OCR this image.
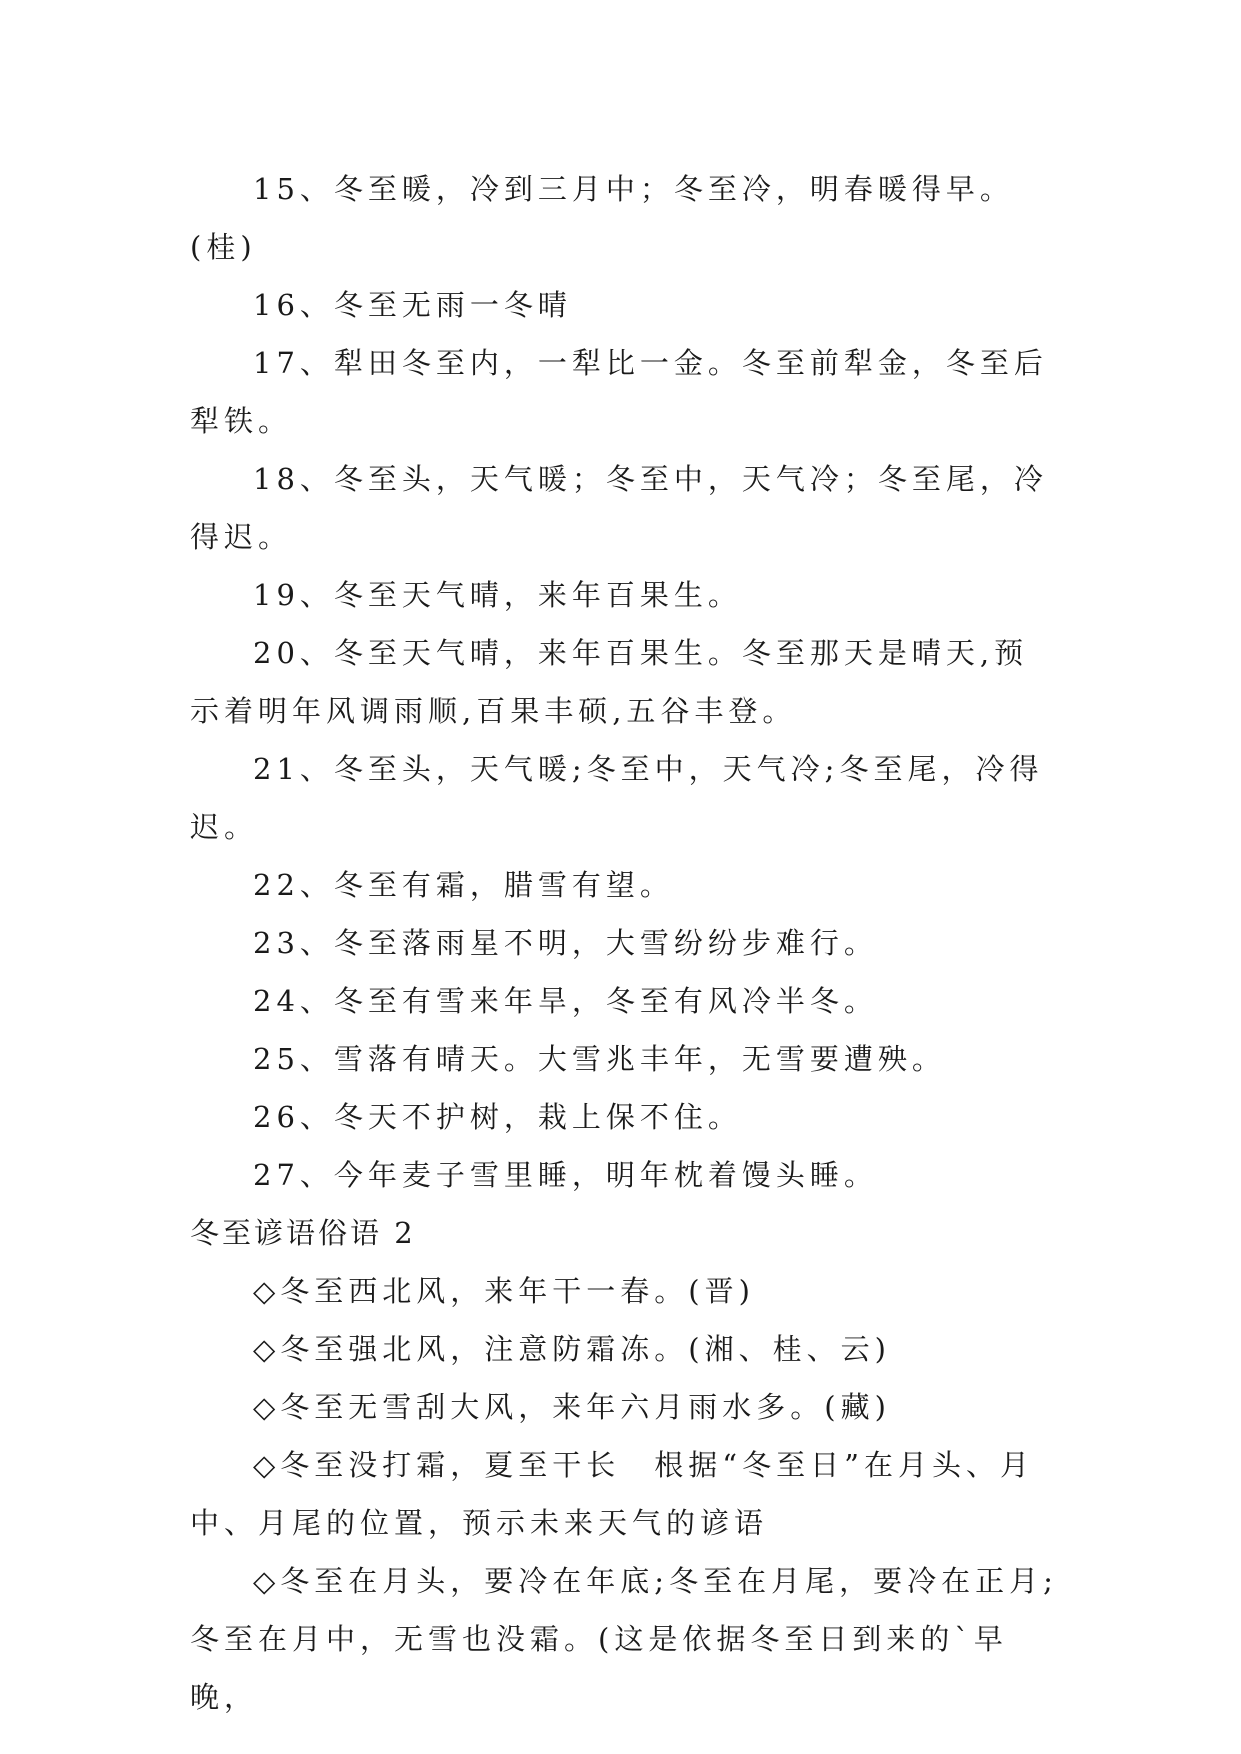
15、冬至暖，冷到三月中；冬至冷，明春暖得早。(桂)

16、冬至无雨一冬晴

17、犁田冬至内，一犁比一金。冬至前犁金，冬至后犁铁。

18、冬至头，天气暖；冬至中，天气冷；冬至尾，冷得迟。

19、冬至天气晴，来年百果生。

20、冬至天气晴，来年百果生。冬至那天是晴天,预示着明年风调雨顺,百果丰硕,五谷丰登。

21、冬至头，天气暖;冬至中，天气冷;冬至尾，冷得迟。

22、冬至有霜，腊雪有望。

23、冬至落雨星不明，大雪纷纷步难行。

24、冬至有雪来年旱，冬至有风冷半冬。

25、雪落有晴天。大雪兆丰年，无雪要遭殃。

26、冬天不护树，栽上保不住。

27、今年麦子雪里睡，明年枕着馒头睡。

冬至谚语俗语 2

◇冬至西北风，来年干一春。(晋)

◇冬至强北风，注意防霜冻。(湘、桂、云)

◇冬至无雪刮大风，来年六月雨水多。(藏)

◇冬至没打霜，夏至干长　根据“冬至日”在月头、月中、月尾的位置，预示未来天气的谚语

◇冬至在月头，要冷在年底;冬至在月尾，要冷在正月;冬至在月中，无雪也没霜。(这是依据冬至日到来的`早晚，
